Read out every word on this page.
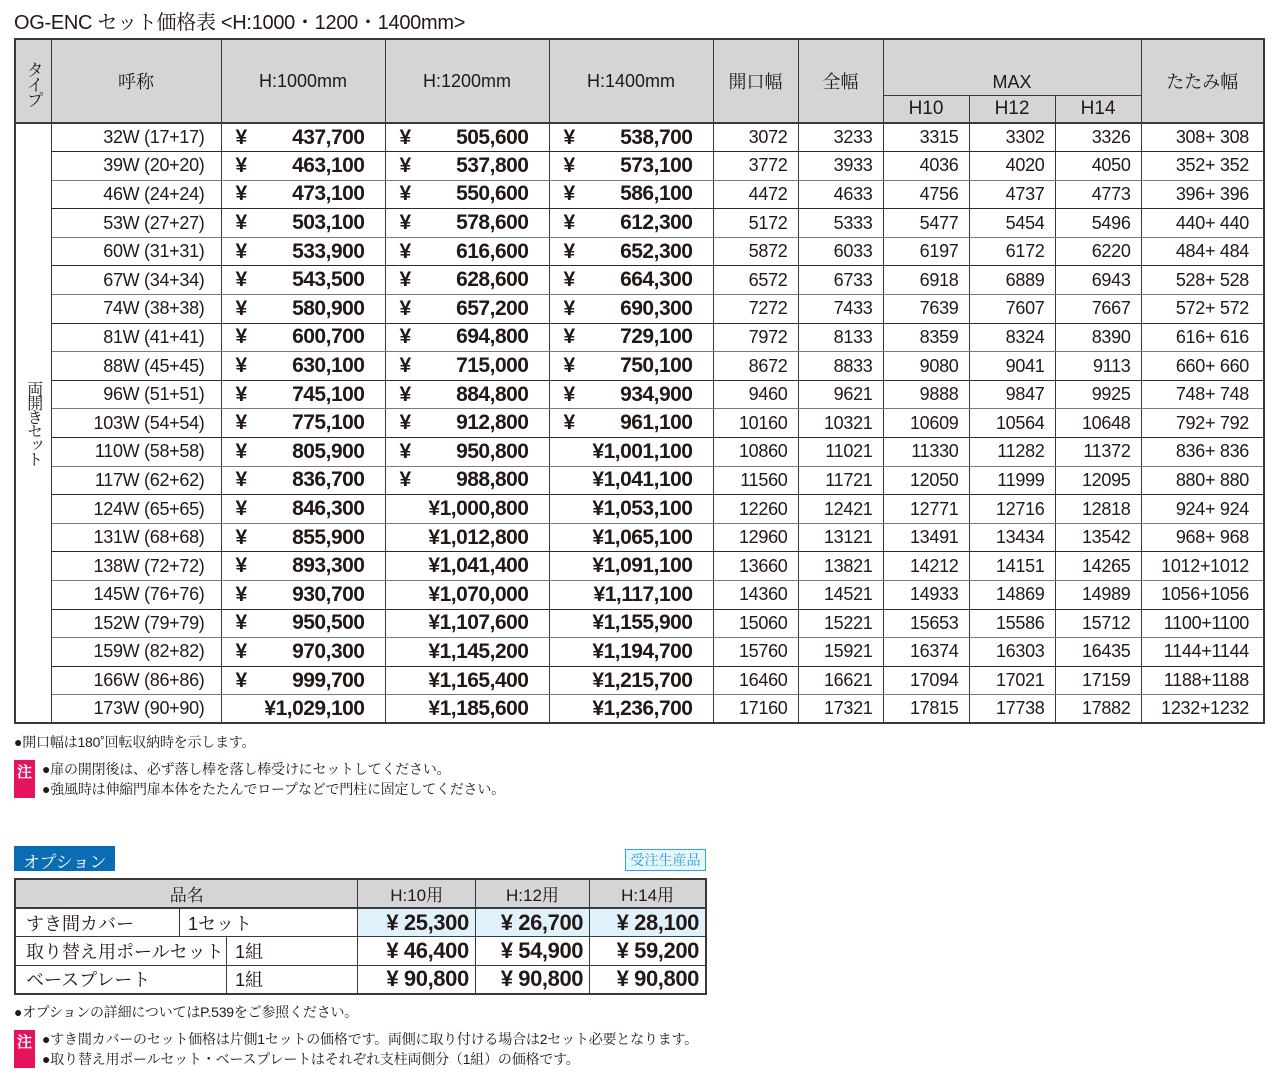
OG-ENC セット価格表 <H:1000・1200・1400mm>
タイプ	呼称	H:1000mm	H:1200mm	H:1400mm	開口幅	全幅	MAX			たたみ幅
							H10	H12	H14	
両開きセット	32W (17+17)	¥ 437,700	¥ 505,600	¥ 538,700	3072	3233	3315	3302	3326	308+ 308
	39W (20+20)	¥ 463,100	¥ 537,800	¥ 573,100	3772	3933	4036	4020	4050	352+ 352
	46W (24+24)	¥ 473,100	¥ 550,600	¥ 586,100	4472	4633	4756	4737	4773	396+ 396
	53W (27+27)	¥ 503,100	¥ 578,600	¥ 612,300	5172	5333	5477	5454	5496	440+ 440
	60W (31+31)	¥ 533,900	¥ 616,600	¥ 652,300	5872	6033	6197	6172	6220	484+ 484
	67W (34+34)	¥ 543,500	¥ 628,600	¥ 664,300	6572	6733	6918	6889	6943	528+ 528
	74W (38+38)	¥ 580,900	¥ 657,200	¥ 690,300	7272	7433	7639	7607	7667	572+ 572
	81W (41+41)	¥ 600,700	¥ 694,800	¥ 729,100	7972	8133	8359	8324	8390	616+ 616
	88W (45+45)	¥ 630,100	¥ 715,000	¥ 750,100	8672	8833	9080	9041	9113	660+ 660
	96W (51+51)	¥ 745,100	¥ 884,800	¥ 934,900	9460	9621	9888	9847	9925	748+ 748
	103W (54+54)	¥ 775,100	¥ 912,800	¥ 961,100	10160	10321	10609	10564	10648	792+ 792
	110W (58+58)	¥ 805,900	¥ 950,800	¥1,001,100	10860	11021	11330	11282	11372	836+ 836
	117W (62+62)	¥ 836,700	¥ 988,800	¥1,041,100	11560	11721	12050	11999	12095	880+ 880
	124W (65+65)	¥ 846,300	¥1,000,800	¥1,053,100	12260	12421	12771	12716	12818	924+ 924
	131W (68+68)	¥ 855,900	¥1,012,800	¥1,065,100	12960	13121	13491	13434	13542	968+ 968
	138W (72+72)	¥ 893,300	¥1,041,400	¥1,091,100	13660	13821	14212	14151	14265	1012+1012
	145W (76+76)	¥ 930,700	¥1,070,000	¥1,117,100	14360	14521	14933	14869	14989	1056+1056
	152W (79+79)	¥ 950,500	¥1,107,600	¥1,155,900	15060	15221	15653	15586	15712	1100+1100
	159W (82+82)	¥ 970,300	¥1,145,200	¥1,194,700	15760	15921	16374	16303	16435	1144+1144
	166W (86+86)	¥ 999,700	¥1,165,400	¥1,215,700	16460	16621	17094	17021	17159	1188+1188
	173W (90+90)	¥1,029,100	¥1,185,600	¥1,236,700	17160	17321	17815	17738	17882	1232+1232
●開口幅は180˚回転収納時を示します。
注 ●扉の開閉後は、必ず落し棒を落し棒受けにセットしてください。
●強風時は伸縮門扉本体をたたんでロープなどで門柱に固定してください。
オプション	受注生産品
品名			H:10用	H:12用	H:14用
すき間カバー	1セット		¥ 25,300	¥ 26,700	¥ 28,100
取り替え用ポールセット		1組	¥ 46,400	¥ 54,900	¥ 59,200
ベースプレート		1組	¥ 90,800	¥ 90,800	¥ 90,800
●オプションの詳細についてはP.539をご参照ください。
注 ●すき間カバーのセット価格は片側1セットの価格です。両側に取り付ける場合は2セット必要となります。
●取り替え用ポールセット・ベースプレートはそれぞれ支柱両側分（1組）の価格です。
